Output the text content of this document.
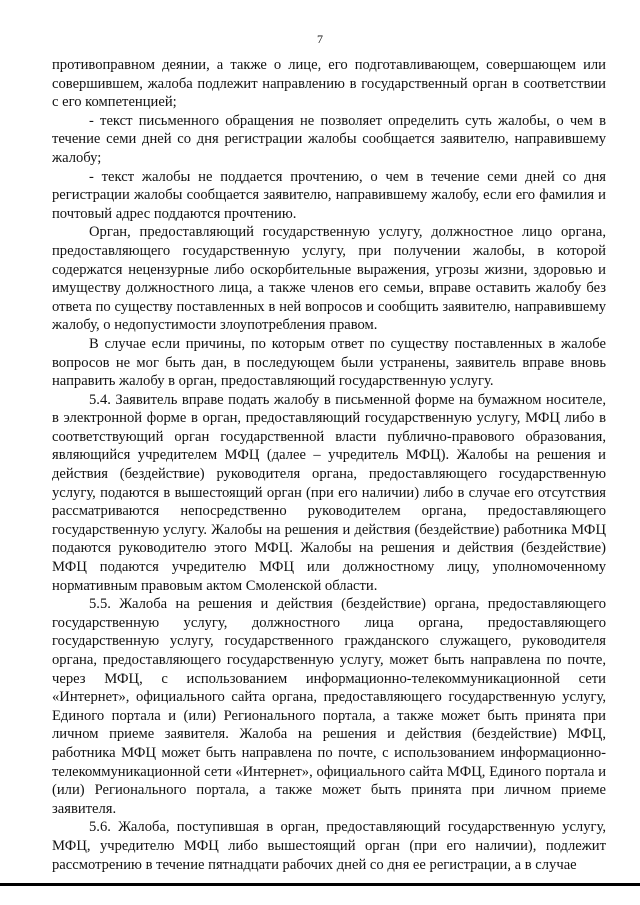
7

противоправном деянии, а также о лице, его подготавливающем, совершающем или совершившем, жалоба подлежит направлению в государственный орган в соответствии с его компетенцией;

- текст письменного обращения не позволяет определить суть жалобы, о чем в течение семи дней со дня регистрации жалобы сообщается заявителю, направившему жалобу;

- текст жалобы не поддается прочтению, о чем в течение семи дней со дня регистрации жалобы сообщается заявителю, направившему жалобу, если его фамилия и почтовый адрес поддаются прочтению.

Орган, предоставляющий государственную услугу, должностное лицо органа, предоставляющего государственную услугу, при получении жалобы, в которой содержатся нецензурные либо оскорбительные выражения, угрозы жизни, здоровью и имуществу должностного лица, а также членов его семьи, вправе оставить жалобу без ответа по существу поставленных в ней вопросов и сообщить заявителю, направившему жалобу, о недопустимости злоупотребления правом.

В случае если причины, по которым ответ по существу поставленных в жалобе вопросов не мог быть дан, в последующем были устранены, заявитель вправе вновь направить жалобу в орган, предоставляющий государственную услугу.

5.4. Заявитель вправе подать жалобу в письменной форме на бумажном носителе, в электронной форме в орган, предоставляющий государственную услугу, МФЦ либо в соответствующий орган государственной власти публично-правового образования, являющийся учредителем МФЦ (далее – учредитель МФЦ). Жалобы на решения и действия (бездействие) руководителя органа, предоставляющего государственную услугу, подаются в вышестоящий орган (при его наличии) либо в случае его отсутствия рассматриваются непосредственно руководителем органа, предоставляющего государственную услугу. Жалобы на решения и действия (бездействие) работника МФЦ подаются руководителю этого МФЦ. Жалобы на решения и действия (бездействие) МФЦ подаются учредителю МФЦ или должностному лицу, уполномоченному нормативным правовым актом Смоленской области.

5.5. Жалоба на решения и действия (бездействие) органа, предоставляющего государственную услугу, должностного лица органа, предоставляющего государственную услугу, государственного гражданского служащего, руководителя органа, предоставляющего государственную услугу, может быть направлена по почте, через МФЦ, с использованием информационно-телекоммуникационной сети «Интернет», официального сайта органа, предоставляющего государственную услугу, Единого портала и (или) Регионального портала, а также может быть принята при личном приеме заявителя. Жалоба на решения и действия (бездействие) МФЦ, работника МФЦ может быть направлена по почте, с использованием информационно-телекоммуникационной сети «Интернет», официального сайта МФЦ, Единого портала и (или) Регионального портала, а также может быть принята при личном приеме заявителя.

5.6. Жалоба, поступившая в орган, предоставляющий государственную услугу, МФЦ, учредителю МФЦ либо вышестоящий орган (при его наличии), подлежит рассмотрению в течение пятнадцати рабочих дней со дня ее регистрации, а в случае
